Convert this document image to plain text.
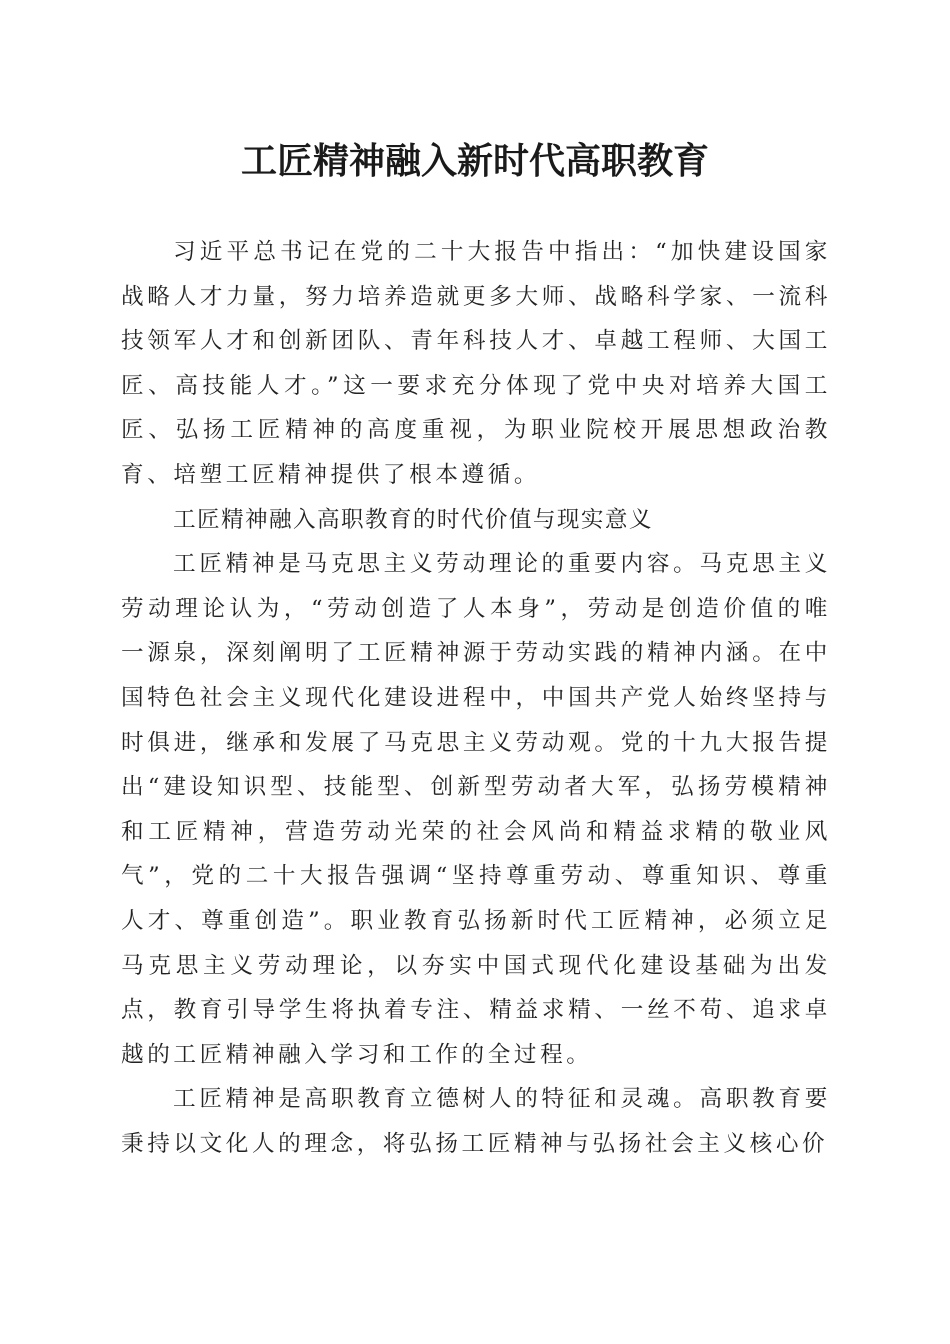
工匠精神融入新时代高职教育

习近平总书记在党的二十大报告中指出：“加快建设国家战略人才力量，努力培养造就更多大师、战略科学家、一流科技领军人才和创新团队、青年科技人才、卓越工程师、大国工匠、高技能人才。”这一要求充分体现了党中央对培养大国工匠、弘扬工匠精神的高度重视，为职业院校开展思想政治教育、培塑工匠精神提供了根本遵循。

工匠精神融入高职教育的时代价值与现实意义

工匠精神是马克思主义劳动理论的重要内容。马克思主义劳动理论认为，“劳动创造了人本身”，劳动是创造价值的唯一源泉，深刻阐明了工匠精神源于劳动实践的精神内涵。在中国特色社会主义现代化建设进程中，中国共产党人始终坚持与时俱进，继承和发展了马克思主义劳动观。党的十九大报告提出“建设知识型、技能型、创新型劳动者大军，弘扬劳模精神和工匠精神，营造劳动光荣的社会风尚和精益求精的敬业风气”，党的二十大报告强调“坚持尊重劳动、尊重知识、尊重人才、尊重创造”。职业教育弘扬新时代工匠精神，必须立足马克思主义劳动理论，以夯实中国式现代化建设基础为出发点，教育引导学生将执着专注、精益求精、一丝不苟、追求卓越的工匠精神融入学习和工作的全过程。

工匠精神是高职教育立德树人的特征和灵魂。高职教育要秉持以文化人的理念，将弘扬工匠精神与弘扬社会主义核心价
